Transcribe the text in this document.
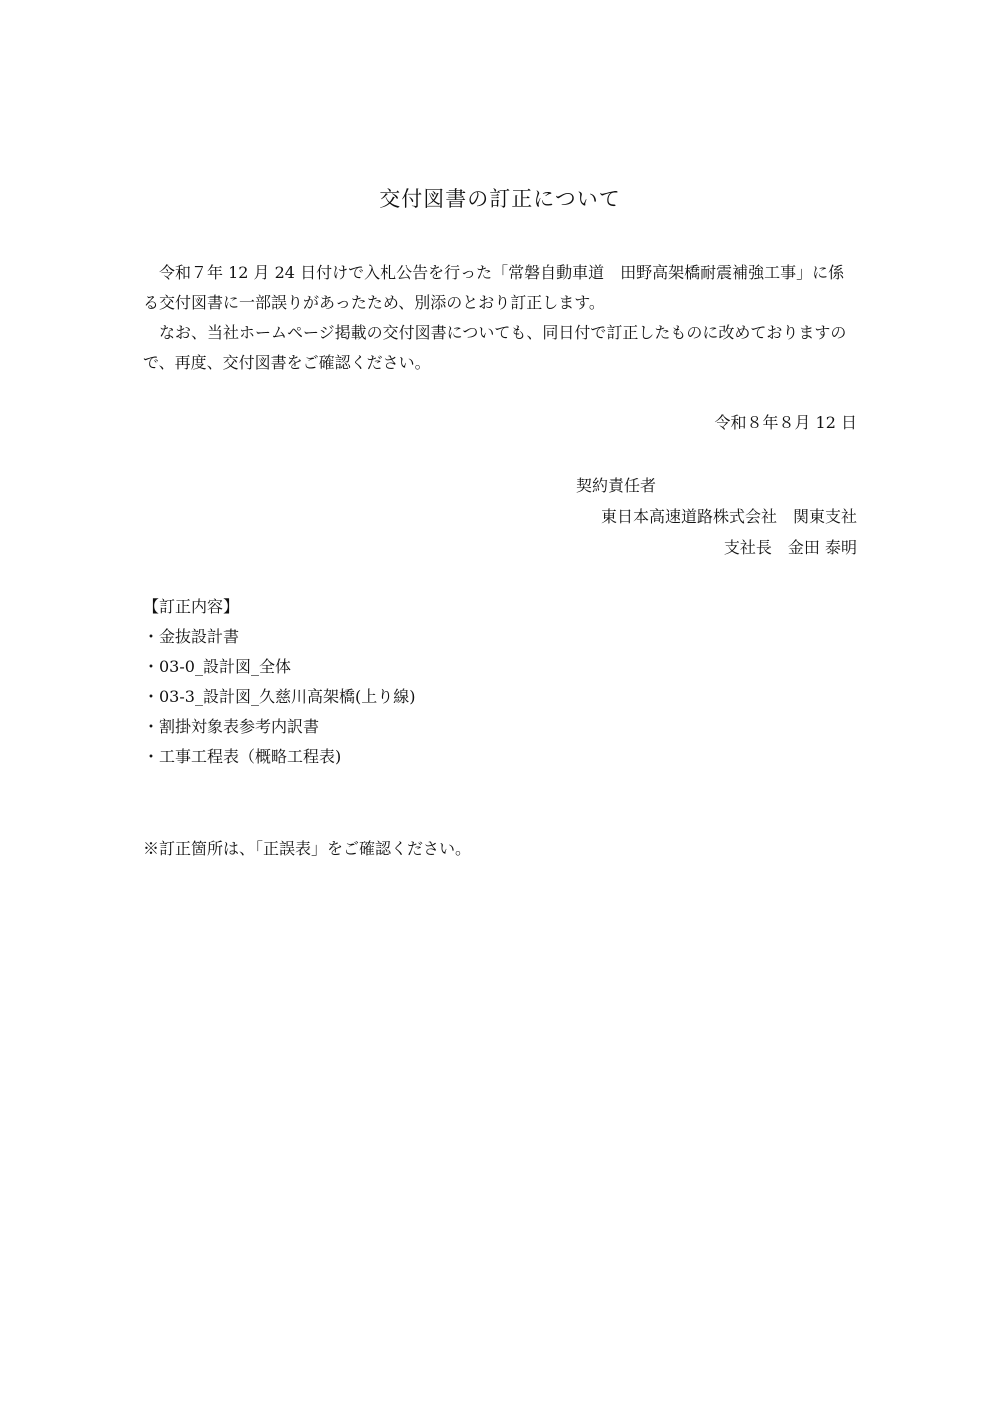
交付図書の訂正について

令和７年 12 月 24 日付けで入札公告を行った「常磐自動車道　田野高架橋耐震補強工事」に係る交付図書に一部誤りがあったため、別添のとおり訂正します。

なお、当社ホームページ掲載の交付図書についても、同日付で訂正したものに改めておりますので、再度、交付図書をご確認ください。

令和８年８月 12 日
契約責任者
東日本高速道路株式会社　関東支社
支社長　金田 泰明
【訂正内容】
・金抜設計書
・03-0_設計図_全体
・03-3_設計図_久慈川高架橋(上り線)
・割掛対象表参考内訳書
・工事工程表（概略工程表)
※訂正箇所は、「正誤表」をご確認ください。
